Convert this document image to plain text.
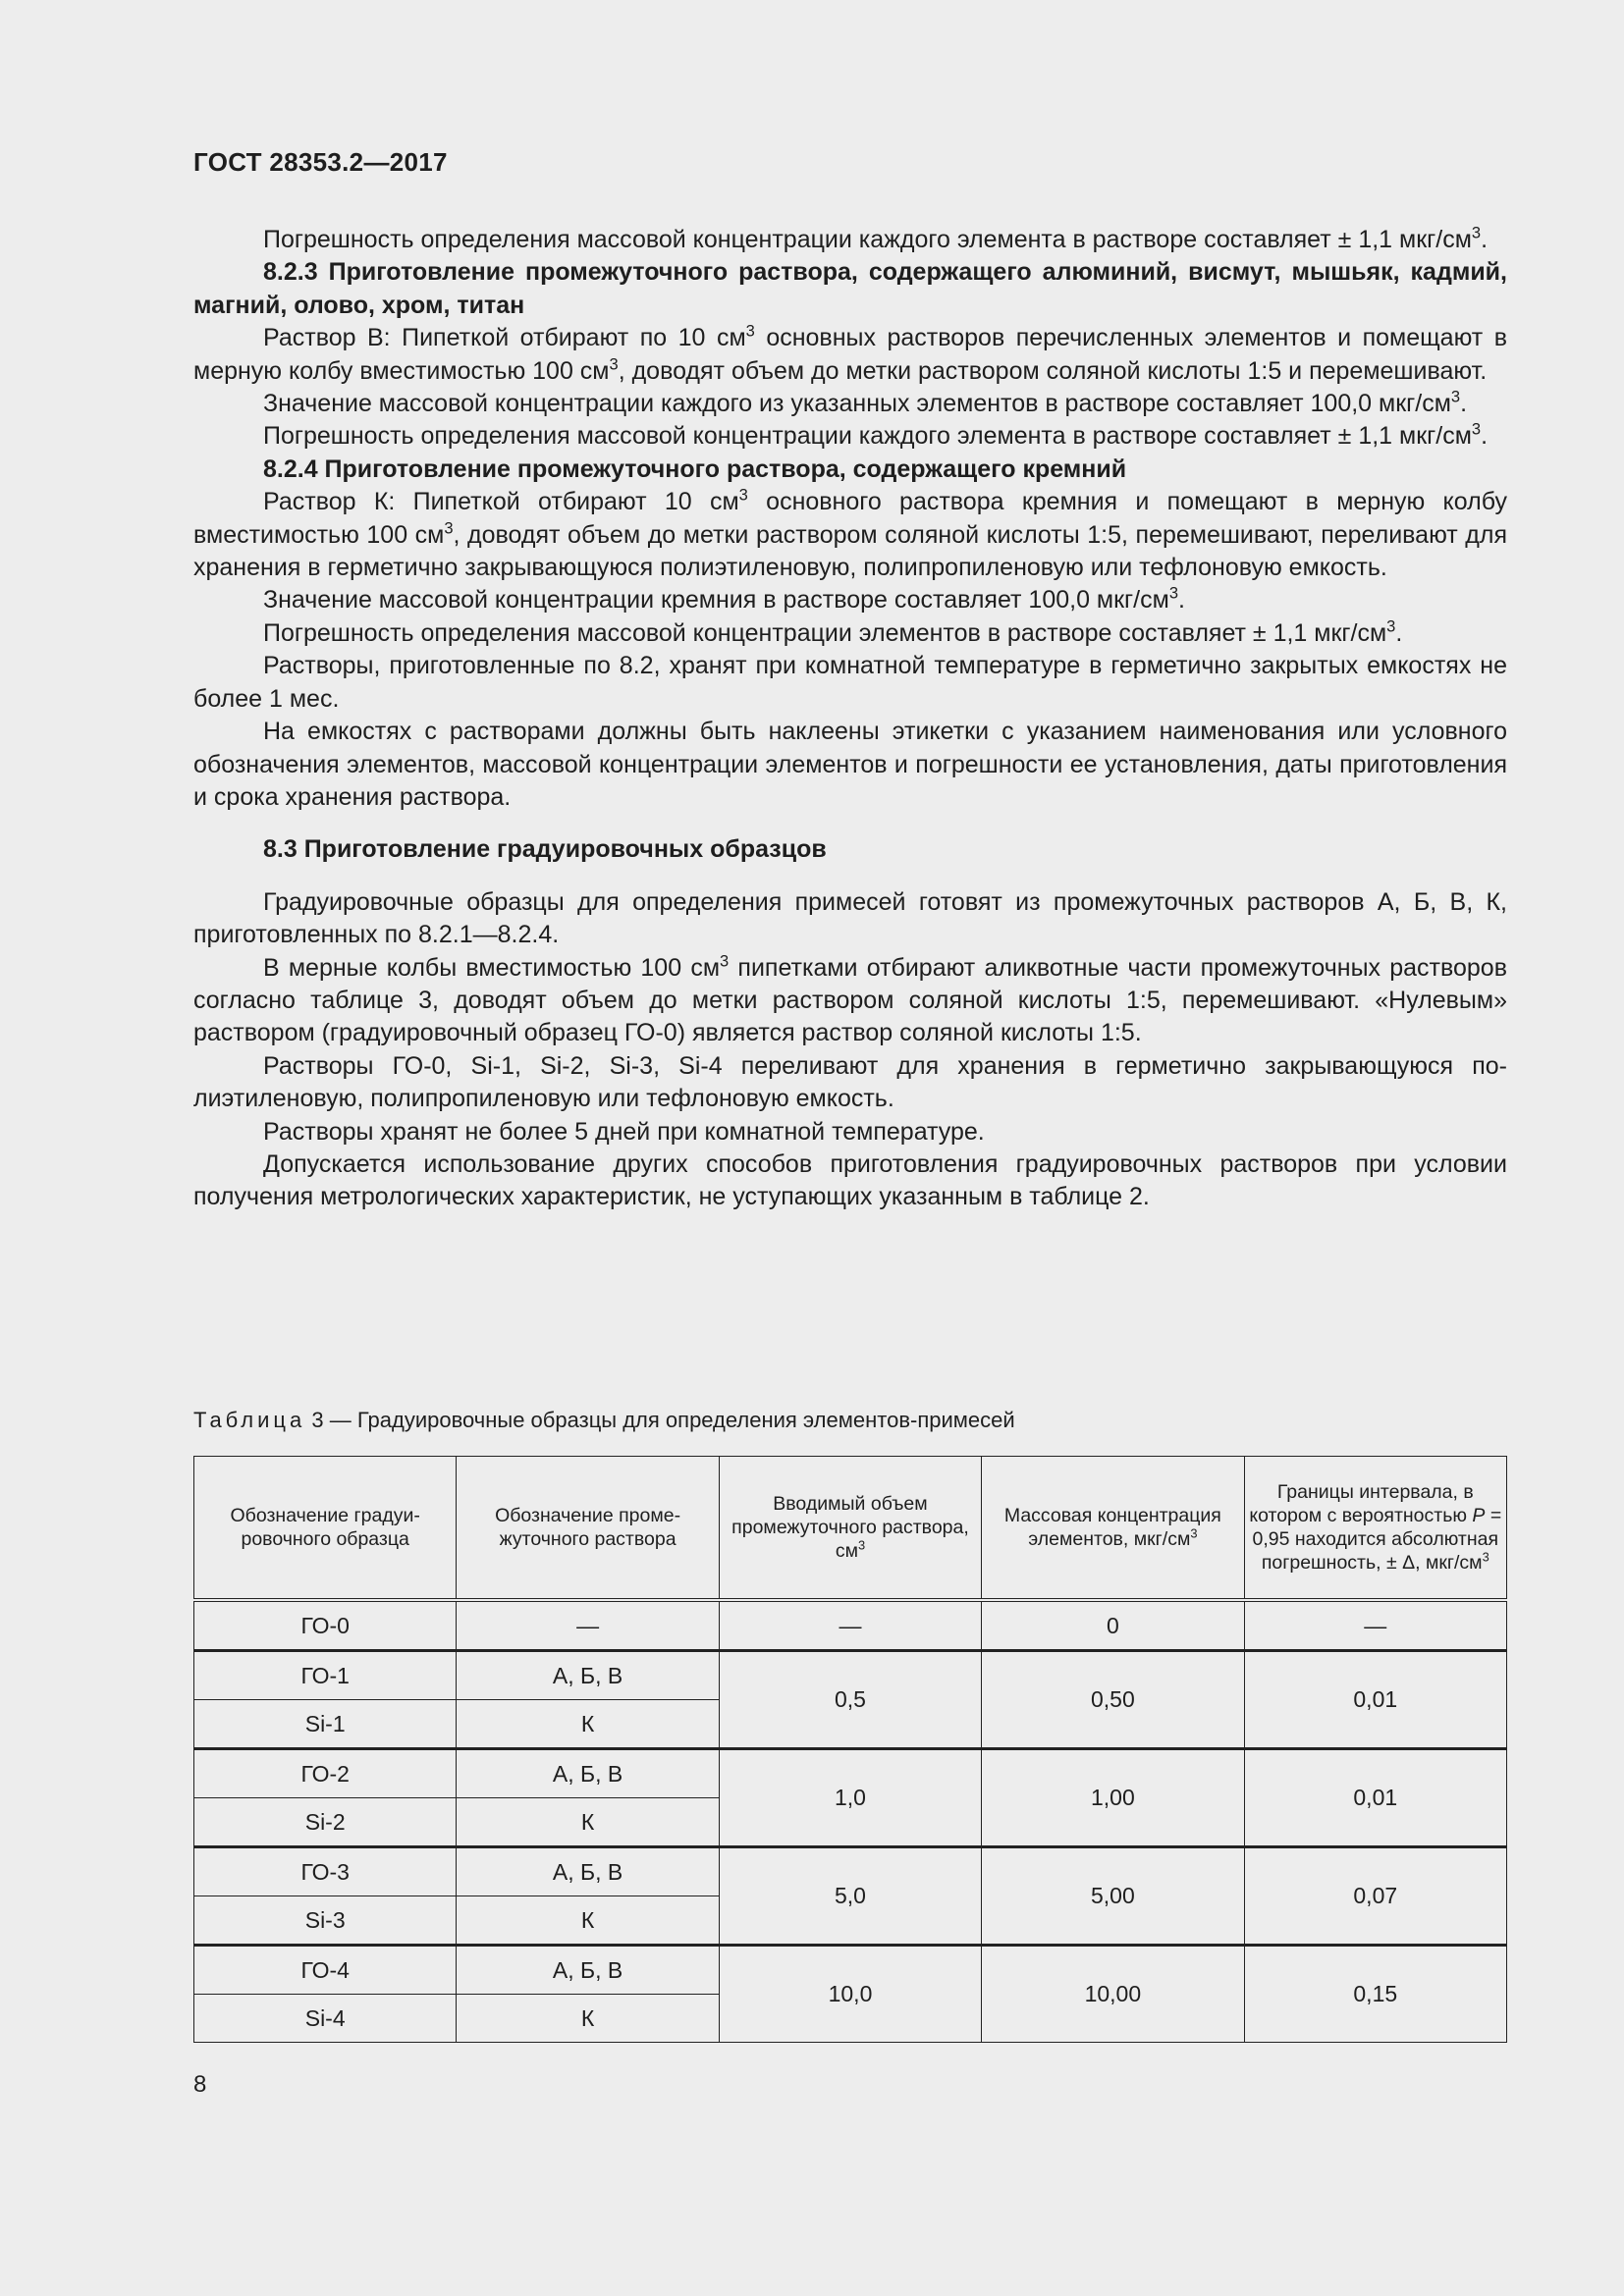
ГОСТ 28353.2—2017

Погрешность определения массовой концентрации каждого элемента в растворе составляет ± 1,1 мкг/$см^3$.

8.2.3 Приготовление промежуточного раствора, содержащего алюминий, висмут, мышьяк, кадмий, магний, олово, хром, титан

Раствор В: Пипеткой отбирают по 10 $см^3$ основных растворов перечисленных элементов и помещают в мерную колбу вместимостью 100 $см^3$, доводят объем до метки раствором соляной кислоты 1:5 и перемешивают.

Значение массовой концентрации каждого из указанных элементов в растворе составляет 100,0 мкг/$см^3$.

Погрешность определения массовой концентрации каждого элемента в растворе составляет ± 1,1 мкг/$см^3$.

8.2.4 Приготовление промежуточного раствора, содержащего кремний

Раствор К: Пипеткой отбирают 10 $см^3$ основного раствора кремния и помещают в мерную колбу вместимостью 100 $см^3$, доводят объем до метки раствором соляной кислоты 1:5, перемешивают, переливают для хранения в герметично закрывающуюся полиэтиленовую, полипропиленовую или тефлоновую емкость.

Значение массовой концентрации кремния в растворе составляет 100,0 мкг/$см^3$.

Погрешность определения массовой концентрации элементов в растворе составляет ± 1,1 мкг/$см^3$.

Растворы, приготовленные по 8.2, хранят при комнатной температуре в герметично закрытых емкостях не более 1 мес.

На емкостях с растворами должны быть наклеены этикетки с указанием наименования или условного обозначения элементов, массовой концентрации элементов и погрешности ее установления, даты приготовления и срока хранения раствора.

8.3 Приготовление градуировочных образцов

Градуировочные образцы для определения примесей готовят из промежуточных растворов А, Б, В, К, приготовленных по 8.2.1—8.2.4.

В мерные колбы вместимостью 100 $см^3$ пипетками отбирают аликвотные части промежуточных растворов согласно таблице 3, доводят объем до метки раствором соляной кислоты 1:5, перемешивают. «Нулевым» раствором (градуировочный образец ГО-0) является раствор соляной кислоты 1:5.

Растворы ГО-0, Si-1, Si-2, Si-3, Si-4 переливают для хранения в герметично закрывающуюся полиэтиленовую, полипропиленовую или тефлоновую емкость.

Растворы хранят не более 5 дней при комнатной температуре.

Допускается использование других способов приготовления градуировочных растворов при условии получения метрологических характеристик, не уступающих указанным в таблице 2.

Таблица 3 — Градуировочные образцы для определения элементов-примесей
Обозначение градуировочного образца	Обозначение промежуточного раствора	Вводимый объем промежуточного раствора, $см^3$	Массовая концентрация элементов, мкг/$см^3$	Границы интервала, в котором с вероятностью P = 0,95 находится абсолютная погрешность, ± Δ, мкг/$см^3$
ГО-0	—	—	0	—
ГО-1	А, Б, В	0,5	0,50	0,01
Si-1	К			
ГО-2	А, Б, В	1,0	1,00	0,01
Si-2	К			
ГО-3	А, Б, В	5,0	5,00	0,07
Si-3	К			
ГО-4	А, Б, В	10,0	10,00	0,15
Si-4	К			
8
